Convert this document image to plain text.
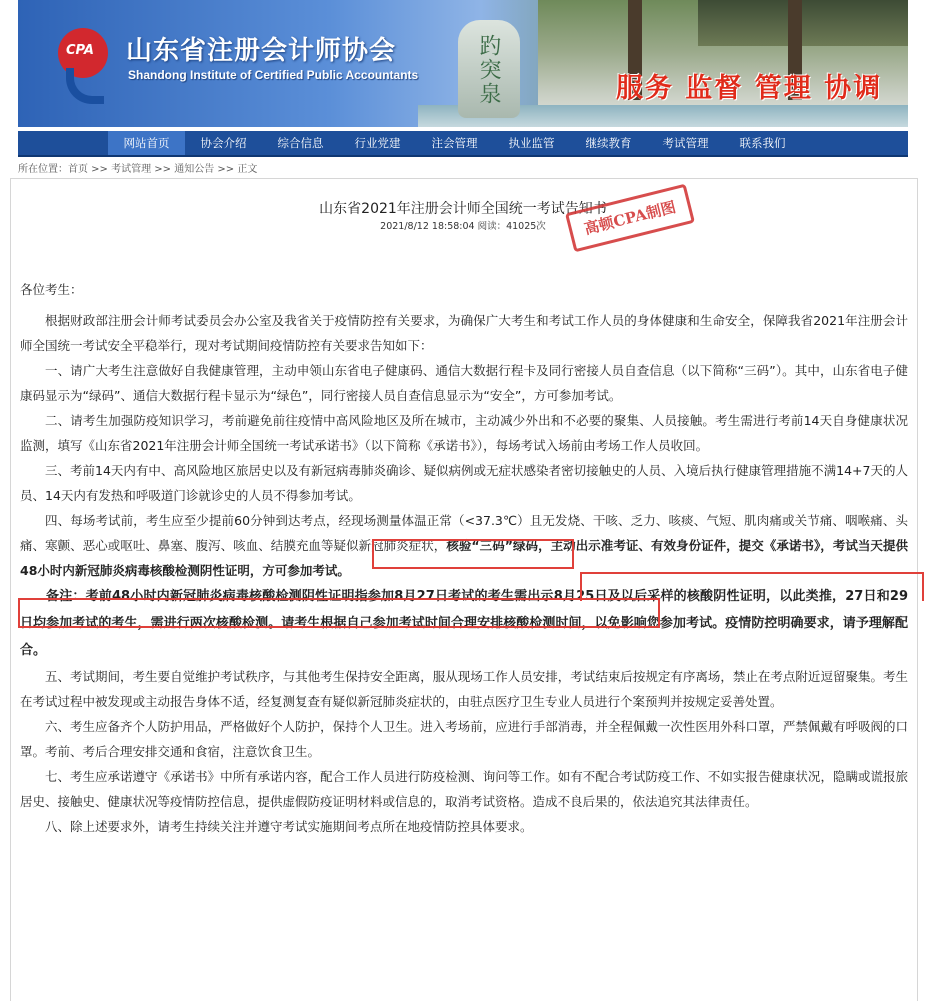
趵突泉
CPA 山东省注册会计师协会
Shandong Institute of Certified Public Accountants	服务 监督 管理 协调
网站首页	协会介绍	综合信息	行业党建	注会管理	执业监管	继续教育	考试管理	联系我们
所在位置：首页 >> 考试管理 >> 通知公告 >> 正文
山东省2021年注册会计师全国统一考试告知书
2021/8/12 18:58:04 阅读：41025次	高顿CPA制图

各位考生：

根据财政部注册会计师考试委员会办公室及我省关于疫情防控有关要求，为确保广大考生和考试工作人员的身体健康和生命安全，保障我省2021年注册会计师全国统一考试安全平稳举行，现对考试期间疫情防控有关要求告知如下：

一、请广大考生注意做好自我健康管理，主动申领山东省电子健康码、通信大数据行程卡及同行密接人员自查信息（以下简称“三码”）。其中，山东省电子健康码显示为“绿码”、通信大数据行程卡显示为“绿色”，同行密接人员自查信息显示为“安全”，方可参加考试。

二、请考生加强防疫知识学习，考前避免前往疫情中高风险地区及所在城市，主动减少外出和不必要的聚集、人员接触。考生需进行考前14天自身健康状况监测，填写《山东省2021年注册会计师全国统一考试承诺书》（以下简称《承诺书》），每场考试入场前由考场工作人员收回。

三、考前14天内有中、高风险地区旅居史以及有新冠病毒肺炎确诊、疑似病例或无症状感染者密切接触史的人员、入境后执行健康管理措施不满14+7天的人员、14天内有发热和呼吸道门诊就诊史的人员不得参加考试。

四、每场考试前，考生应至少提前60分钟到达考点，经现场测量体温正常（<37.3℃）且无发烧、干咳、乏力、咳痰、气短、肌肉痛或关节痛、咽喉痛、头痛、寒颤、恶心或呕吐、鼻塞、腹泻、咳血、结膜充血等疑似新冠肺炎症状，核验“三码”绿码，主动出示准考证、有效身份证件，提交《承诺书》，考试当天提供48小时内新冠肺炎病毒核酸检测阴性证明，方可参加考试。

备注：考前48小时内新冠肺炎病毒核酸检测阴性证明指参加8月27日考试的考生需出示8月25日及以后采样的核酸阴性证明，以此类推，27日和29日均参加考试的考生，需进行两次核酸检测。请考生根据自己参加考试时间合理安排核酸检测时间，以免影响您参加考试。疫情防控明确要求，请予理解配合。

五、考试期间，考生要自觉维护考试秩序，与其他考生保持安全距离，服从现场工作人员安排，考试结束后按规定有序离场，禁止在考点附近逗留聚集。考生在考试过程中被发现或主动报告身体不适，经复测复查有疑似新冠肺炎症状的，由驻点医疗卫生专业人员进行个案预判并按规定妥善处置。

六、考生应备齐个人防护用品，严格做好个人防护，保持个人卫生。进入考场前，应进行手部消毒，并全程佩戴一次性医用外科口罩，严禁佩戴有呼吸阀的口罩。考前、考后合理安排交通和食宿，注意饮食卫生。

七、考生应承诺遵守《承诺书》中所有承诺内容，配合工作人员进行防疫检测、询问等工作。如有不配合考试防疫工作、不如实报告健康状况，隐瞒或谎报旅居史、接触史、健康状况等疫情防控信息，提供虚假防疫证明材料或信息的，取消考试资格。造成不良后果的，依法追究其法律责任。

八、除上述要求外，请考生持续关注并遵守考试实施期间考点所在地疫情防控具体要求。
